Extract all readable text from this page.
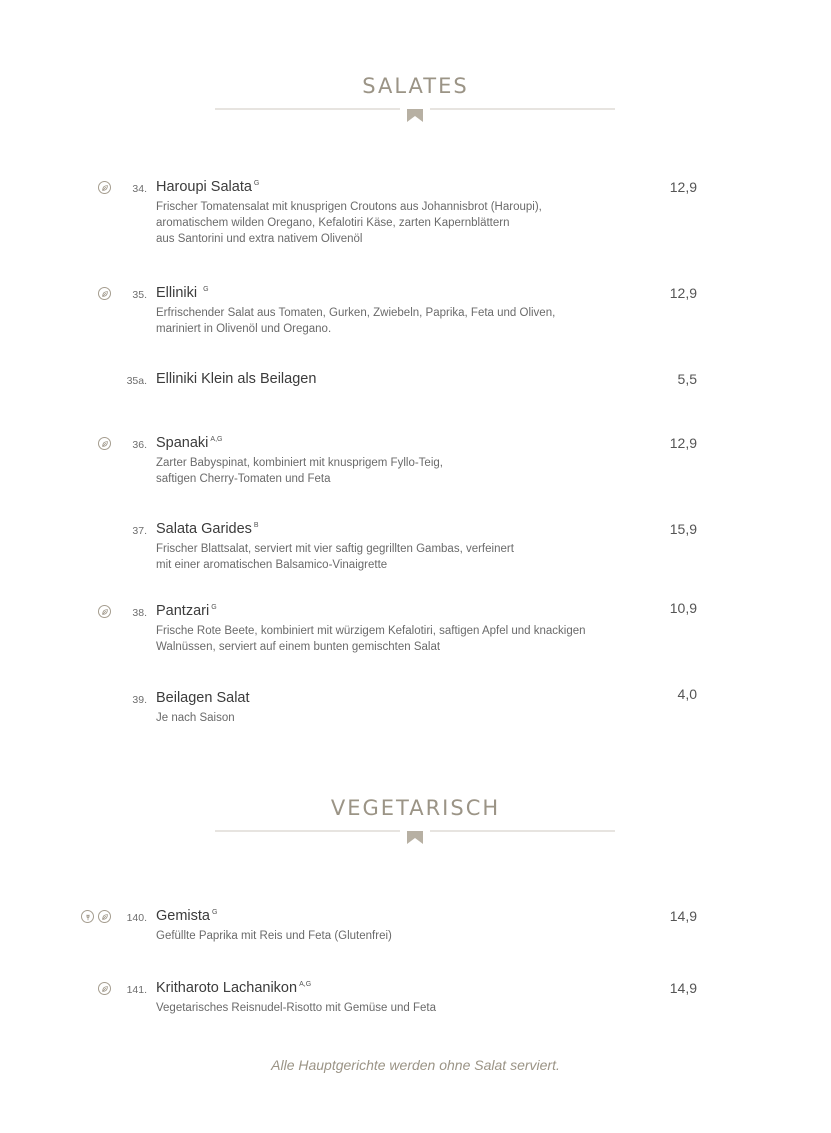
SALATES
34. Haroupi Salata $^G$
Frischer Tomatensalat mit knusprigen Croutons aus Johannisbrot (Haroupi),
aromatischem wilden Oregano, Kefalotiri Käse, zarten Kapernblättern
aus Santorini und extra nativem Olivenöl
12,9
35. Elliniki $^G$
Erfrischender Salat aus Tomaten, Gurken, Zwiebeln, Paprika, Feta und Oliven,
mariniert in Olivenöl und Oregano.
12,9
35a. Elliniki Klein als Beilagen	5,5
36. Spanaki $^{A,G}$
Zarter Babyspinat, kombiniert mit knusprigem Fyllo-Teig,
saftigen Cherry-Tomaten und Feta
12,9
37. Salata Garides $^B$
Frischer Blattsalat, serviert mit vier saftig gegrillten Gambas, verfeinert
mit einer aromatischen Balsamico-Vinaigrette
15,9
38. Pantzari $^G$
Frische Rote Beete, kombiniert mit würzigem Kefalotiri, saftigen Apfel und knackigen
Walnüssen, serviert auf einem bunten gemischten Salat
10,9
39. Beilagen Salat
Je nach Saison
4,0
VEGETARISCH
140. Gemista $^G$
Gefüllte Paprika mit Reis und Feta (Glutenfrei)
14,9
141. Kritharoto Lachanikon $^{A,G}$
Vegetarisches Reisnudel-Risotto mit Gemüse und Feta
14,9
Alle Hauptgerichte werden ohne Salat serviert.
